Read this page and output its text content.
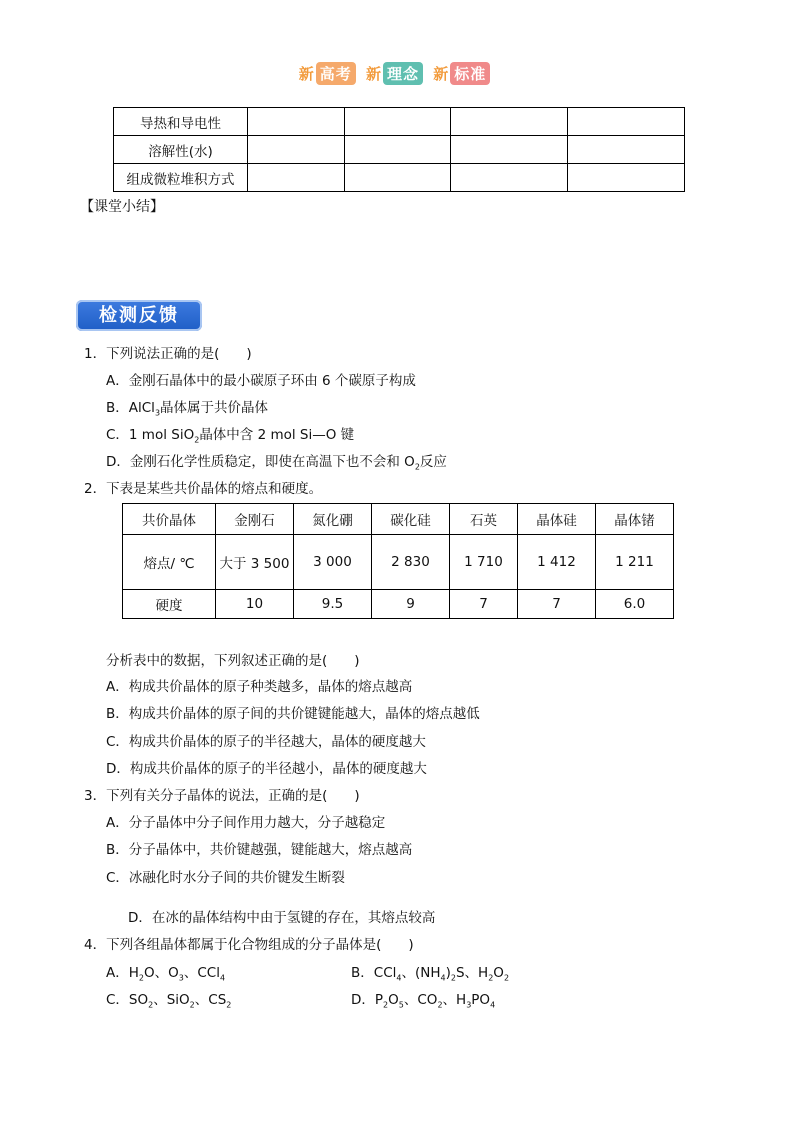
新 高考 新 理念 新 标准
导热和导电性				
溶解性(水)				
组成微粒堆积方式				
【课堂小结】
检测反馈
1．下列说法正确的是(　　)
A．金刚石晶体中的最小碳原子环由 6 个碳原子构成
B．AlCl$_3$晶体属于共价晶体
C．1 mol SiO$_2$晶体中含 2 mol Si—O 键
D．金刚石化学性质稳定，即使在高温下也不会和 $O_2$反应
2．下表是某些共价晶体的熔点和硬度。
共价晶体	金刚石	氮化硼	碳化硅	石英	晶体硅	晶体锗
熔点/ ℃	大于 3 500	3 000	2 830	1 710	1 412	1 211
硬度	10	9.5	9	7	7	6.0
分析表中的数据，下列叙述正确的是(　　)
A．构成共价晶体的原子种类越多，晶体的熔点越高
B．构成共价晶体的原子间的共价键键能越大，晶体的熔点越低
C．构成共价晶体的原子的半径越大，晶体的硬度越大
D．构成共价晶体的原子的半径越小，晶体的硬度越大
3．下列有关分子晶体的说法，正确的是(　　)
A．分子晶体中分子间作用力越大，分子越稳定
B．分子晶体中，共价键越强，键能越大，熔点越高
C．冰融化时水分子间的共价键发生断裂
D．在冰的晶体结构中由于氢键的存在，其熔点较高
4．下列各组晶体都属于化合物组成的分子晶体是(　　)
A．$H_2O$、$O_3$、CCl$_4$	B．CCl$_4$、$(NH_4)_2S$、$H_2O_2$
C．$SO_2$、SiO$_2$、$CS_2$	D．$P_2O_5$、$CO_2$、$H_3PO_4$
